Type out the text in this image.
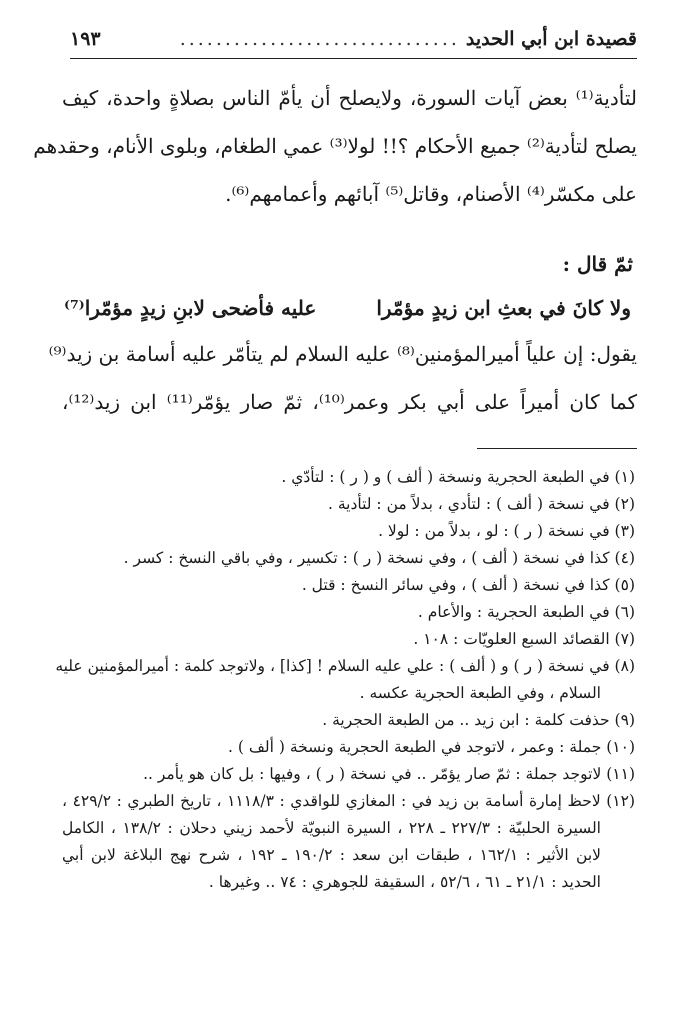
قصيدة ابن أبي الحديد
...............................
١٩٣
لتأدية⁽¹⁾ بعض آيات السورة، ولايصلح أن يأمّ الناس بصلاةٍ واحدة، كيف
يصلح لتأدية⁽²⁾ جميع الأحكام ؟!! لولا⁽³⁾ عمي الطغام، وبلوى الأنام، وحقدهم
على مكسّر⁽⁴⁾ الأصنام، وقاتل⁽⁵⁾ آبائهم وأعمامهم⁽⁶⁾.
ثمّ قال :
ولا كانَ في بعثِ ابن زيدٍ مؤمّرا
عليه فأضحى لابنِ زيدٍ مؤمّرا⁽⁷⁾
يقول: إن علياً أميرالمؤمنين⁽⁸⁾ عليه السلام لم يتأمّر عليه أسامة بن زيد⁽⁹⁾
كما كان أميراً على أبي بكر وعمر⁽¹⁰⁾، ثمّ صار يؤمّر⁽¹¹⁾ ابن زيد⁽¹²⁾،
(١) في الطبعة الحجرية ونسخة ( ألف ) و ( ر ) : لتأدّي .
(٢) في نسخة ( ألف ) : لتأدي ، بدلاً من : لتأدية .
(٣) في نسخة ( ر ) : لو ، بدلاً من : لولا .
(٤) كذا في نسخة ( ألف ) ، وفي نسخة ( ر ) : تكسير ، وفي باقي النسخ : كسر .
(٥) كذا في نسخة ( ألف ) ، وفي سائر النسخ : قتل .
(٦) في الطبعة الحجرية : والأعام .
(٧) القصائد السبع العلويّات : ١٠٨ .
(٨) في نسخة ( ر ) و ( ألف ) : علي عليه السلام ! [كذا] ، ولاتوجد كلمة : أميرالمؤمنين عليه
السلام ، وفي الطبعة الحجرية عكسه .
(٩) حذفت كلمة : ابن زيد .. من الطبعة الحجرية .
(١٠) جملة : وعمر ، لاتوجد في الطبعة الحجرية ونسخة ( ألف ) .
(١١) لاتوجد جملة : ثمّ صار يؤمّر .. في نسخة ( ر ) ، وفيها : بل كان هو يأمر ..
(١٢) لاحظ إمارة أسامة بن زيد في : المغازي للواقدي : ١١١٨/٣ ، تاريخ الطبري : ٤٢٩/٢ ،
السيرة الحلبيّة : ٢٢٧/٣ ـ ٢٢٨ ، السيرة النبويّة لأحمد زيني دحلان : ١٣٨/٢ ، الكامل
لابن الأثير : ١٦٢/١ ، طبقات ابن سعد : ١٩٠/٢ ـ ١٩٢ ، شرح نهج البلاغة لابن أبي
الحديد : ٢١/١ ـ ٦١ ، ٥٢/٦ ، السقيفة للجوهري : ٧٤ .. وغيرها .
